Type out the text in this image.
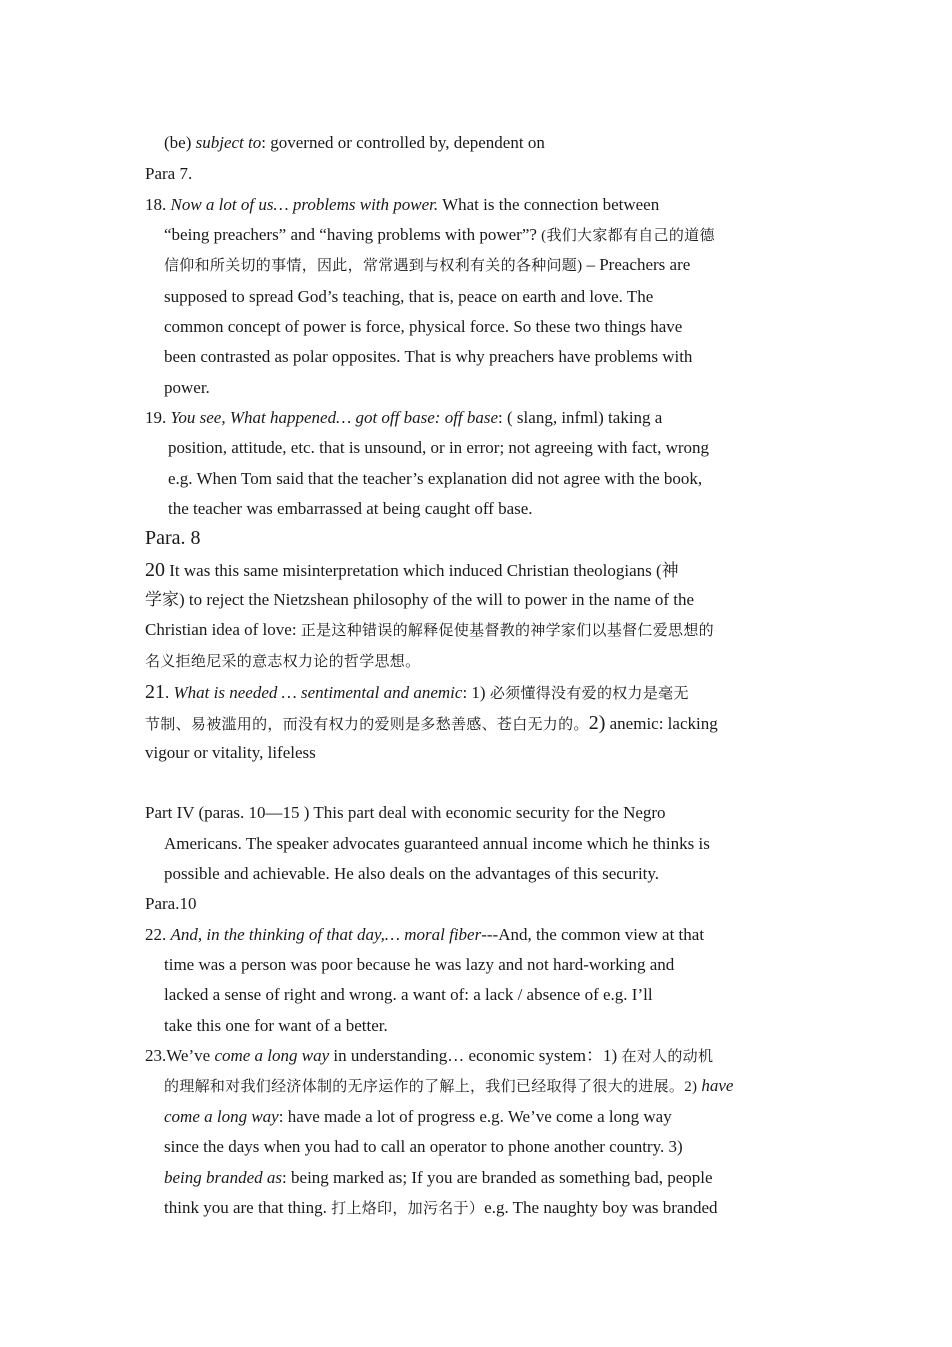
(be) subject to: governed or controlled by, dependent on
Para 7.
18. Now a lot of us… problems with power. What is the connection between
“being preachers” and “having problems with power”? (我们大家都有自己的道德
信仰和所关切的事情，因此，常常遇到与权利有关的各种问题) – Preachers are
supposed to spread God’s teaching, that is, peace on earth and love. The
common concept of power is force, physical force. So these two things have
been contrasted as polar opposites. That is why preachers have problems with
power.
19. You see, What happened… got off base: off base: ( slang, infml) taking a
position, attitude, etc. that is unsound, or in error; not agreeing with fact, wrong
e.g. When Tom said that the teacher’s explanation did not agree with the book,
the teacher was embarrassed at being caught off base.
Para. 8
20 It was this same misinterpretation which induced Christian theologians (神
学家) to reject the Nietzshean philosophy of the will to power in the name of the
Christian idea of love: 正是这种错误的解释促使基督教的神学家们以基督仁爱思想的
名义拒绝尼采的意志权力论的哲学思想。
21. What is needed … sentimental and anemic: 1) 必须懂得没有爱的权力是毫无
节制、易被滥用的，而没有权力的爱则是多愁善感、苍白无力的。2) anemic: lacking
vigour or vitality, lifeless
Part IV (paras. 10—15 ) This part deal with economic security for the Negro
Americans. The speaker advocates guaranteed annual income which he thinks is
possible and achievable. He also deals on the advantages of this security.
Para.10
22. And, in the thinking of that day,… moral fiber---And, the common view at that
time was a person was poor because he was lazy and not hard-working and
lacked a sense of right and wrong. a want of: a lack / absence of e.g. I’ll
take this one for want of a better.
23.We’ve come a long way in understanding… economic system：1) 在对人的动机
的理解和对我们经济体制的无序运作的了解上，我们已经取得了很大的进展。2) have
come a long way: have made a lot of progress e.g. We’ve come a long way
since the days when you had to call an operator to phone another country. 3)
being branded as: being marked as; If you are branded as something bad, people
think you are that thing. 打上烙印，加污名于）e.g. The naughty boy was branded
